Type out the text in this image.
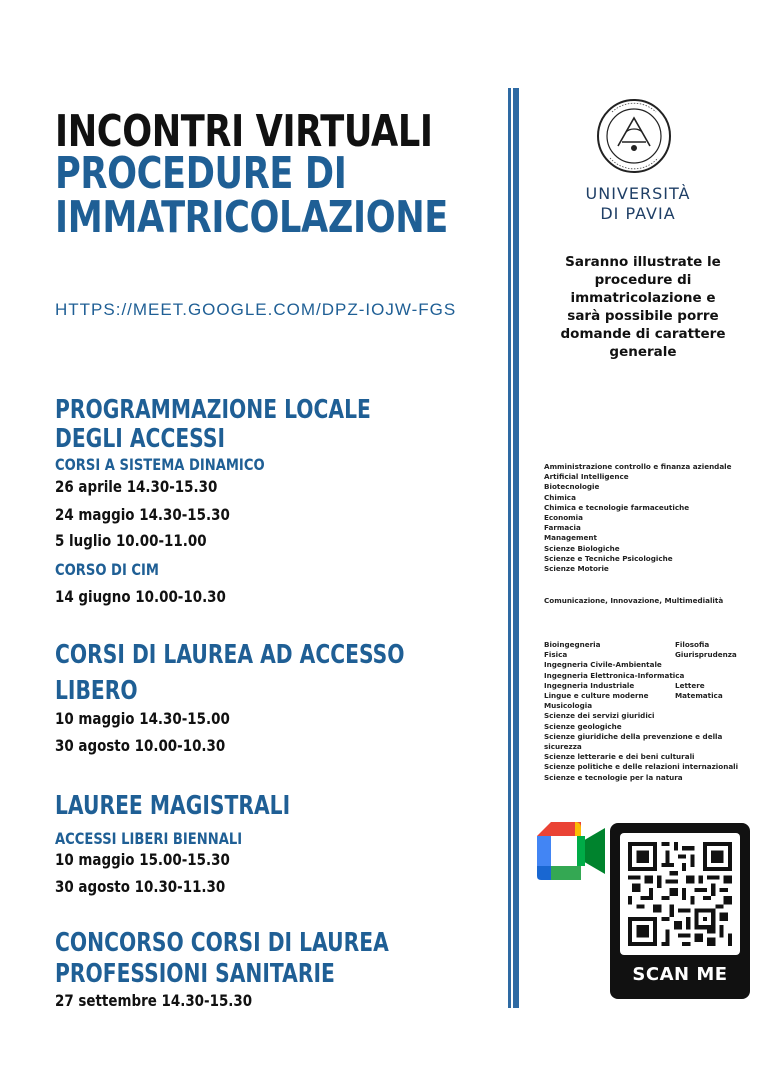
INCONTRI VIRTUALI
PROCEDURE DI
IMMATRICOLAZIONE
HTTPS://MEET.GOOGLE.COM/DPZ-IOJW-FGS
PROGRAMMAZIONE LOCALE
DEGLI ACCESSI
CORSI A SISTEMA DINAMICO
26 aprile 14.30-15.30
24 maggio 14.30-15.30
5 luglio 10.00-11.00
CORSO DI CIM
14 giugno 10.00-10.30
CORSI DI LAUREA AD ACCESSO
LIBERO
10 maggio 14.30-15.00
30 agosto 10.00-10.30
LAUREE MAGISTRALI
ACCESSI LIBERI BIENNALI
10 maggio 15.00-15.30
30 agosto 10.30-11.30
CONCORSO CORSI DI LAUREA
PROFESSIONI SANITARIE
27 settembre 14.30-15.30
UNIVERSITÀ
DI PAVIA
Saranno illustrate le
procedure di
immatricolazione e
sarà possibile porre
domande di carattere
generale
Amministrazione controllo e finanza aziendale
Artificial Intelligence
Biotecnologie
Chimica
Chimica e tecnologie farmaceutiche
Economia
Farmacia
Management
Scienze Biologiche
Scienze e Tecniche Psicologiche
Scienze Motorie
Comunicazione, Innovazione, Multimedialità
Bioingegneria	Filosofia
Fisica	Giurisprudenza
Ingegneria Civile-Ambientale
Ingegneria Elettronica-Informatica
Ingegneria Industriale	Lettere
Lingue e culture moderne	Matematica
Musicologia
Scienze dei servizi giuridici
Scienze geologiche
Scienze giuridiche della prevenzione e della
sicurezza
Scienze letterarie e dei beni culturali
Scienze politiche e delle relazioni internazionali
Scienze e tecnologie per la natura
SCAN ME
